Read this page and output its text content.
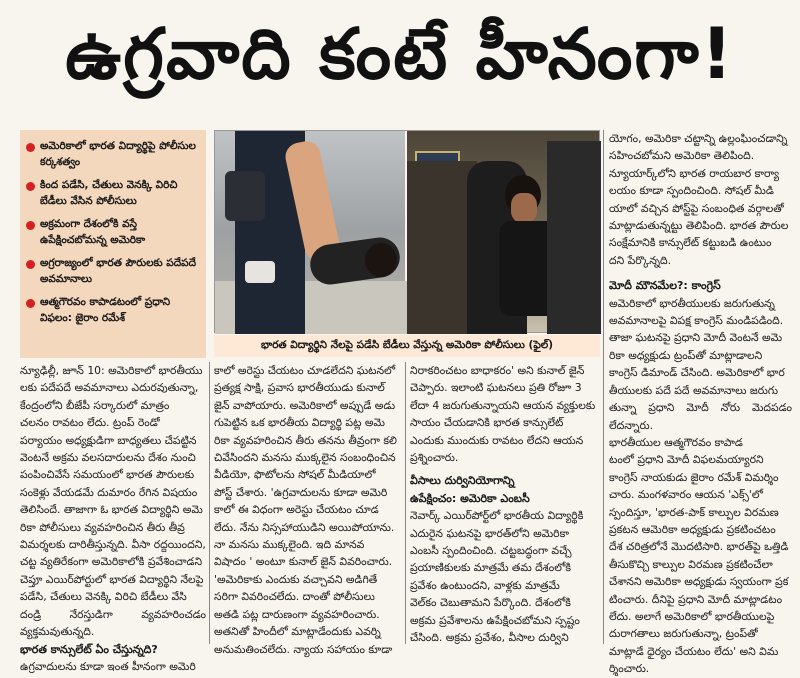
ఉగ్రవాది కంటే హీనంగా!
అమెరికాలో భారత విద్యార్థిపై పోలీసుల కర్కశత్వం
కింద పడేసి, చేతులు వెనక్కి విరిచి బేడీలు వేసిన పోలీసులు
అక్రమంగా దేశంలోకి వస్తే ఉపేక్షించబోమన్న అమెరికా
అగ్రరాజ్యంలో భారత పౌరులకు పదేపదే అవమానాలు
ఆత్మగౌరవం కాపాడటంలో ప్రధాని విఫలం: జైరాం రమేశ్
భారత విద్యార్థిని నేలపై పడేసి బేడీలు వేస్తున్న అమెరికా పోలీసులు (ఫైల్)

న్యూఢిల్లీ, జూన్ 10: అమెరికాలో భారతీయు

లకు పదేపదే అవమానాలు ఎదురవుతున్నా,

కేంద్రంలోని బీజేపీ సర్కారులో మాత్రం

చలనం రావటం లేదు. ట్రంప్ రెండో

పర్యాయం అధ్యక్షుడిగా బాధ్యతలు చేపట్టిన

వెంటనే అక్రమ వలసదారులను దేశం నుంచి

పంపించివేసే సమయంలో భారత పౌరులకు

సంకెళ్లు వేయడమే దుమారం రేగిన విషయం

తెలిసిందే. తాజాగా ఓ భారత విద్యార్థిని అమె

రికా పోలీసులు వ్యవహరించిన తీరు తీవ్ర

విమర్శలకు దారితీస్తున్నది. వీసా రద్దయిందని,

చట్ట వ్యతిరేకంగా అమెరికాలోకి ప్రవేశించాడని

చెప్తూ ఎయిర్‌పోర్టులో భారత విద్యార్థిని నేలపై

పడేసి, చేతులు వెనక్కి విరిచి బేడీలు వేసి

దండ్రి నేరస్తుడిగా వ్యవహరించడం వ్యక్తమవుతున్నది.

భారత కాన్సులేట్ ఏం చేస్తున్నది?

ఉగ్రవాదులను కూడా ఇంత హీనంగా అమెరి

కాలో అరెస్టు చేయటం చూడలేదని ఘటనలో

ప్రత్యక్ష సాక్షి, ప్రవాస భారతీయుడు కునాల్

జైన్ వాపోయారు. అమెరికాలో అప్పుడే అడు

గుపెట్టిన ఒక భారతీయ విద్యార్థి పట్ల అమె

రికా వ్యవహరించిన తీరు తనను తీవ్రంగా కలి

చివేసిందని మనసు ముక్కలైన సంబంధించిన

వీడియో, ఫొటోలను సోషల్ మీడియాలో

పోస్ట్ చేశారు. 'ఉగ్రవాదులను కూడా అమెరి

కాలో ఈ విధంగా అరెస్టు చేయటం చూడ

లేదు. నేను నిస్సహాయుడిని అయిపోయాను.

నా మనసు ముక్కలైంది. ఇది మానవ

విషాదం ' అంటూ కునాల్ జైన్ వివరించారు.

'అమెరికాకు ఎందుకు వచ్చావని అడిగితే

సరిగా వివరించలేదు. దాంతో పోలీసులు

అతడి పట్ల దారుణంగా వ్యవహరించారు.

అతనితో హిందీలో మాట్లాడేందుకు ఎవర్ని

అనుమతించలేదు. న్యాయ సహాయం కూడా

నిరాకరించటం బాధాకరం' అని కునాల్ జైన్

చెప్పారు. ఇలాంటి ఘటనలు ప్రతి రోజూ 3

లేదా 4 జరుగుతున్నాయని ఆయన వ్యక్తులకు

సాయం చేయడానికి భారత కాన్సులేట్

ఎందుకు ముందుకు రావటం లేదని ఆయన

ప్రశ్నించారు.

వీసాలు దుర్వినియోగాన్ని

ఉపేక్షించం: అమెరికా ఎంబసీ

నెవార్క్ ఎయిర్‌పోర్ట్‌లో భారతీయ విద్యార్థికి

ఎదురైన ఘటనపై భారత్‌లోని అమెరికా

ఎంబసీ స్పందించింది. చట్టబద్ధంగా వచ్చే

ప్రయాణికులకు మాత్రమే తమ దేశంలోకి

ప్రవేశం ఉంటుందని, వాళ్లకు మాత్రమే

వెల్‌కం చెబుతామని పేర్కొంది. దేశంలోకి

అక్రమ ప్రవేశాలను ఉపేక్షించబోమని స్పష్టం

చేసింది. అక్రమ ప్రవేశం, వీసాల దుర్విని

యోగం, అమెరికా చట్టాన్ని ఉల్లంఘించడాన్ని

సహించబోమని అమెరికా తెలిపింది.

న్యూయార్క్‌లోని భారత రాయబార కార్యా

లయం కూడా స్పందించింది. సోషల్ మీడి

యాలో వచ్చిన పోస్ట్‌పై సంబంధిత వర్గాలతో

మాట్లాడుతున్నట్టు తెలిపింది. భారత పౌరుల

సంక్షేమానికి కాన్సులేట్ కట్టుబడి ఉంటుం

దని పేర్కొన్నది.

మోదీ మౌనమేల?: కాంగ్రెస్

అమెరికాలో భారతీయులకు జరుగుతున్న

అవమానాలపై విపక్ష కాంగ్రెస్ మండిపడింది.

తాజా ఘటనపై ప్రధాని మోదీ వెంటనే అమె

రికా అధ్యక్షుడు ట్రంప్‌తో మాట్లాడాలని

కాంగ్రెస్ డిమాండ్ చేసింది. అమెరికాలో భార

తీయులకు పదే పదే అవమానాలు జరుగు

తున్నా ప్రధాని మోదీ నోరు మెదపడం లేదన్నారు.

భారతీయుల ఆత్మగౌరవం కాపాడ

టంలో ప్రధాని మోదీ విఫలమయ్యారని

కాంగ్రెస్ నాయకుడు జైరాం రమేశ్ విమర్శిం

చారు. మంగళవారం ఆయన 'ఎక్స్'లో

స్పందిస్తూ, 'భారత-పాక్ కాల్పుల విరమణ

ప్రకటన ఆమెరికా అధ్యక్షుడు ప్రకటించటం

దేశ చరిత్రలోనే మొదటిసారి. భారత్‌పై ఒత్తిడి

తీసుకొచ్చి కాల్పుల విరమణ ప్రకటించేలా

చేశానని అమెరికా అధ్యక్షుడు స్వయంగా ప్రక

టించారు. దీనిపై ప్రధాని మోదీ మాట్లాడటం

లేదు. అలాగే అమెరికాలో భారతీయులపై

దురాగతాలు జరుగుతున్నా, ట్రంప్‌తో

మాట్లాడే ధైర్యం చేయటం లేదు' అని విమ

ర్శించారు.
